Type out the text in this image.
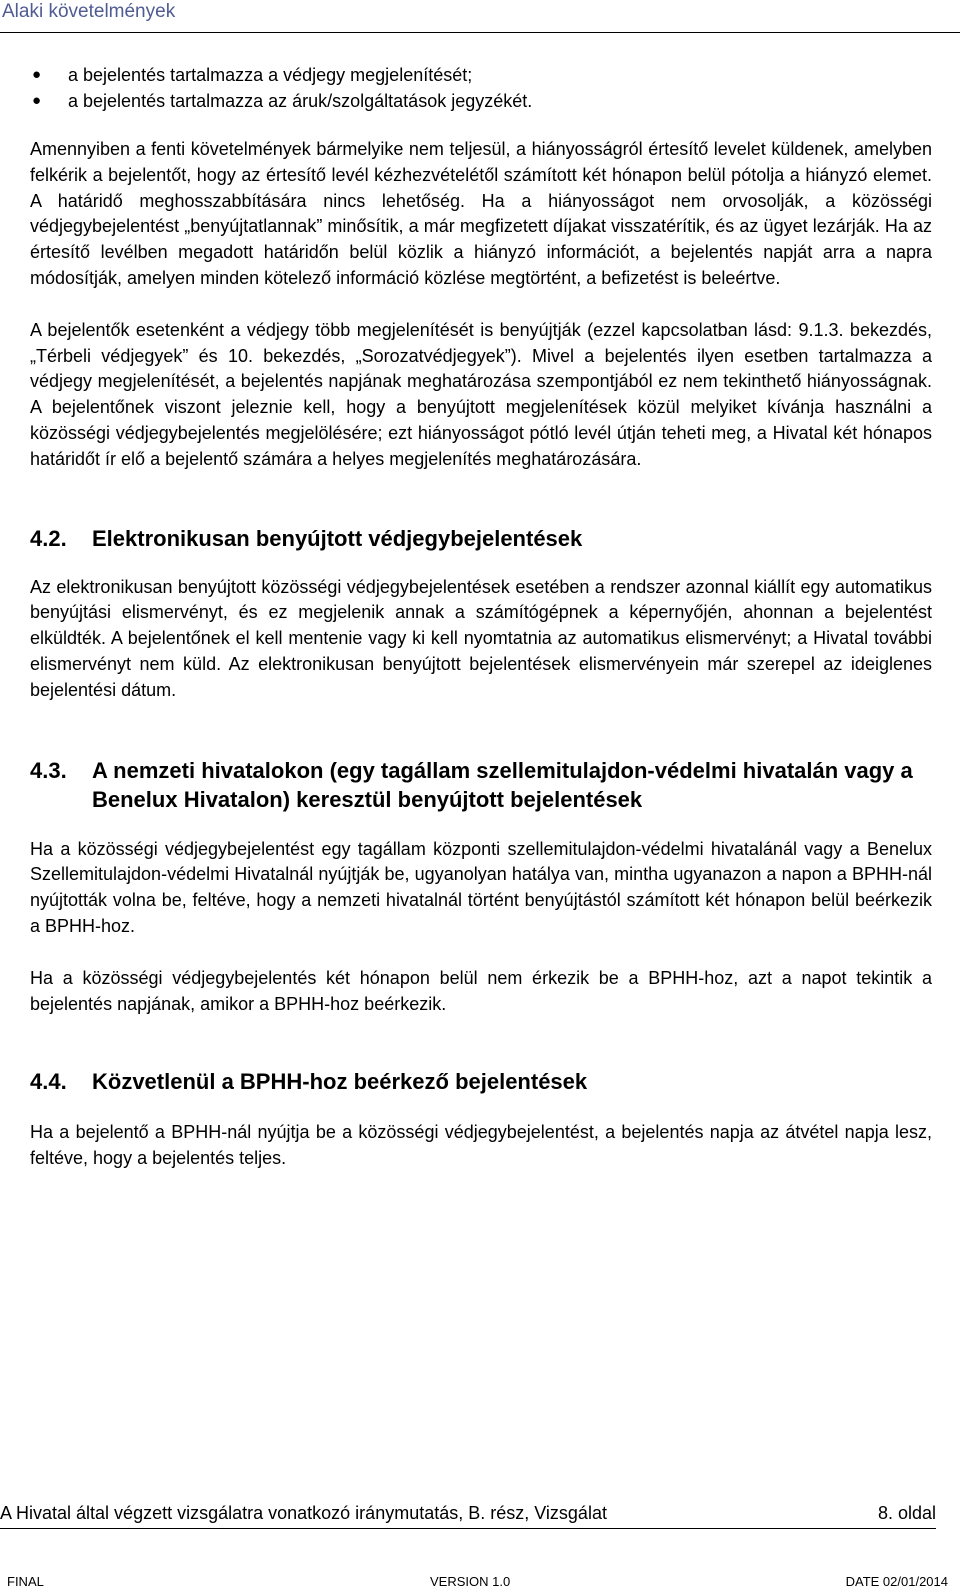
Alaki követelmények
● a bejelentés tartalmazza a védjegy megjelenítését;
● a bejelentés tartalmazza az áruk/szolgáltatások jegyzékét.

Amennyiben a fenti követelmények bármelyike nem teljesül, a hiányosságról értesítő levelet küldenek, amelyben felkérik a bejelentőt, hogy az értesítő levél kézhezvételétől számított két hónapon belül pótolja a hiányzó elemet. A határidő meghosszabbítására nincs lehetőség. Ha a hiányosságot nem orvosolják, a közösségi védjegybejelentést „benyújtatlannak” minősítik, a már megfizetett díjakat visszatérítik, és az ügyet lezárják. Ha az értesítő levélben megadott határidőn belül közlik a hiányzó információt, a bejelentés napját arra a napra módosítják, amelyen minden kötelező információ közlése megtörtént, a befizetést is beleértve.

A bejelentők esetenként a védjegy több megjelenítését is benyújtják (ezzel kapcsolatban lásd: 9.1.3. bekezdés, „Térbeli védjegyek” és 10. bekezdés, „Sorozatvédjegyek”). Mivel a bejelentés ilyen esetben tartalmazza a védjegy megjelenítését, a bejelentés napjának meghatározása szempontjából ez nem tekinthető hiányosságnak. A bejelentőnek viszont jeleznie kell, hogy a benyújtott megjelenítések közül melyiket kívánja használni a közösségi védjegybejelentés megjelölésére; ezt hiányosságot pótló levél útján teheti meg, a Hivatal két hónapos határidőt ír elő a bejelentő számára a helyes megjelenítés meghatározására.

4.2. Elektronikusan benyújtott védjegybejelentések

Az elektronikusan benyújtott közösségi védjegybejelentések esetében a rendszer azonnal kiállít egy automatikus benyújtási elismervényt, és ez megjelenik annak a számítógépnek a képernyőjén, ahonnan a bejelentést elküldték. A bejelentőnek el kell mentenie vagy ki kell nyomtatnia az automatikus elismervényt; a Hivatal további elismervényt nem küld. Az elektronikusan benyújtott bejelentések elismervényein már szerepel az ideiglenes bejelentési dátum.

4.3. A nemzeti hivatalokon (egy tagállam szellemitulajdon-védelmi hivatalán vagy a Benelux Hivatalon) keresztül benyújtott bejelentések

Ha a közösségi védjegybejelentést egy tagállam központi szellemitulajdon-védelmi hivatalánál vagy a Benelux Szellemitulajdon-védelmi Hivatalnál nyújtják be, ugyanolyan hatálya van, mintha ugyanazon a napon a BPHH-nál nyújtották volna be, feltéve, hogy a nemzeti hivatalnál történt benyújtástól számított két hónapon belül beérkezik a BPHH-hoz.

Ha a közösségi védjegybejelentés két hónapon belül nem érkezik be a BPHH-hoz, azt a napot tekintik a bejelentés napjának, amikor a BPHH-hoz beérkezik.

4.4. Közvetlenül a BPHH-hoz beérkező bejelentések

Ha a bejelentő a BPHH-nál nyújtja be a közösségi védjegybejelentést, a bejelentés napja az átvétel napja lesz, feltéve, hogy a bejelentés teljes.

A Hivatal által végzett vizsgálatra vonatkozó iránymutatás, B. rész, Vizsgálat	8. oldal
FINAL	VERSION 1.0	DATE 02/01/2014
